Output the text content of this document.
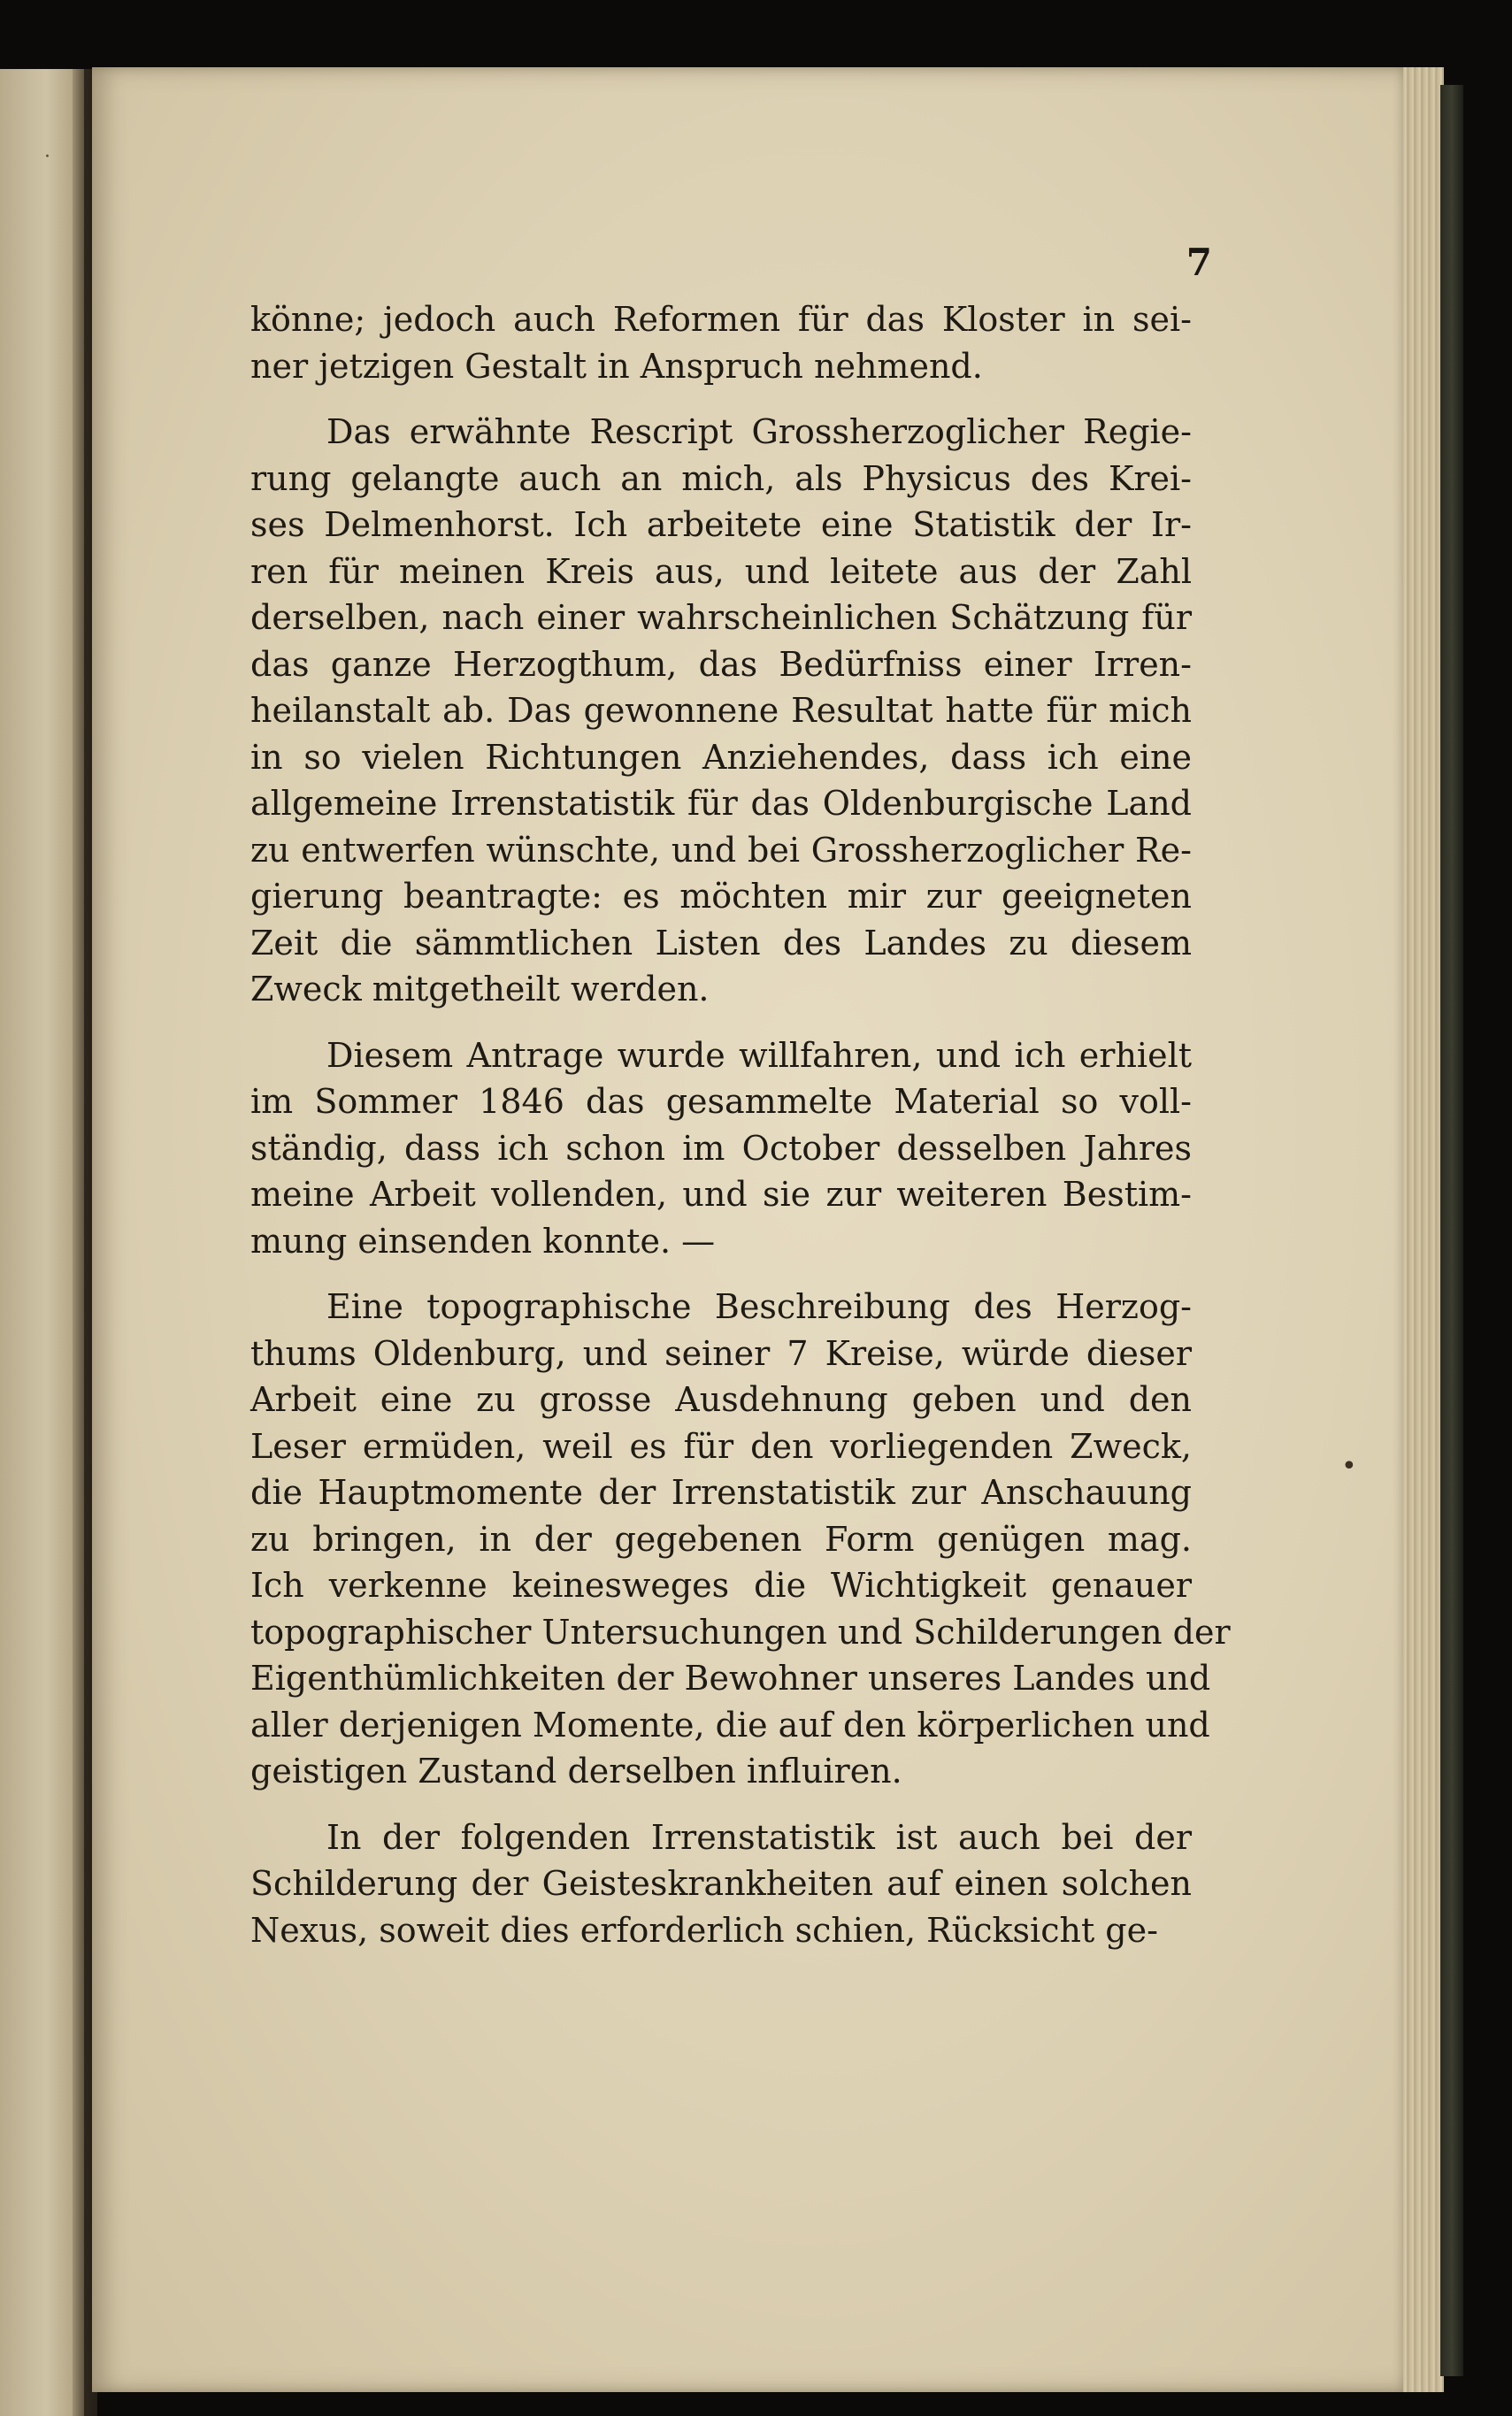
·
•
7

könne; jedoch auch Reformen für das Kloster in sei-
ner jetzigen Gestalt in Anspruch nehmend.

Das erwähnte Rescript Grossherzoglicher Regie-
rung gelangte auch an mich, als Physicus des Krei-
ses Delmenhorst. Ich arbeitete eine Statistik der Ir-
ren für meinen Kreis aus, und leitete aus der Zahl
derselben, nach einer wahrscheinlichen Schätzung für
das ganze Herzogthum, das Bedürfniss einer Irren-
heilanstalt ab. Das gewonnene Resultat hatte für mich
in so vielen Richtungen Anziehendes, dass ich eine
allgemeine Irrenstatistik für das Oldenburgische Land
zu entwerfen wünschte, und bei Grossherzoglicher Re-
gierung beantragte: es möchten mir zur geeigneten
Zeit die sämmtlichen Listen des Landes zu diesem
Zweck mitgetheilt werden.

Diesem Antrage wurde willfahren, und ich erhielt
im Sommer 1846 das gesammelte Material so voll-
ständig, dass ich schon im October desselben Jahres
meine Arbeit vollenden, und sie zur weiteren Bestim-
mung einsenden konnte. —

Eine topographische Beschreibung des Herzog-
thums Oldenburg, und seiner 7 Kreise, würde dieser
Arbeit eine zu grosse Ausdehnung geben und den
Leser ermüden, weil es für den vorliegenden Zweck,
die Hauptmomente der Irrenstatistik zur Anschauung
zu bringen, in der gegebenen Form genügen mag.
Ich verkenne keinesweges die Wichtigkeit genauer
topographischer Untersuchungen und Schilderungen der
Eigenthümlichkeiten der Bewohner unseres Landes und
aller derjenigen Momente, die auf den körperlichen und
geistigen Zustand derselben influiren.

In der folgenden Irrenstatistik ist auch bei der
Schilderung der Geisteskrankheiten auf einen solchen
Nexus, soweit dies erforderlich schien, Rücksicht ge-
